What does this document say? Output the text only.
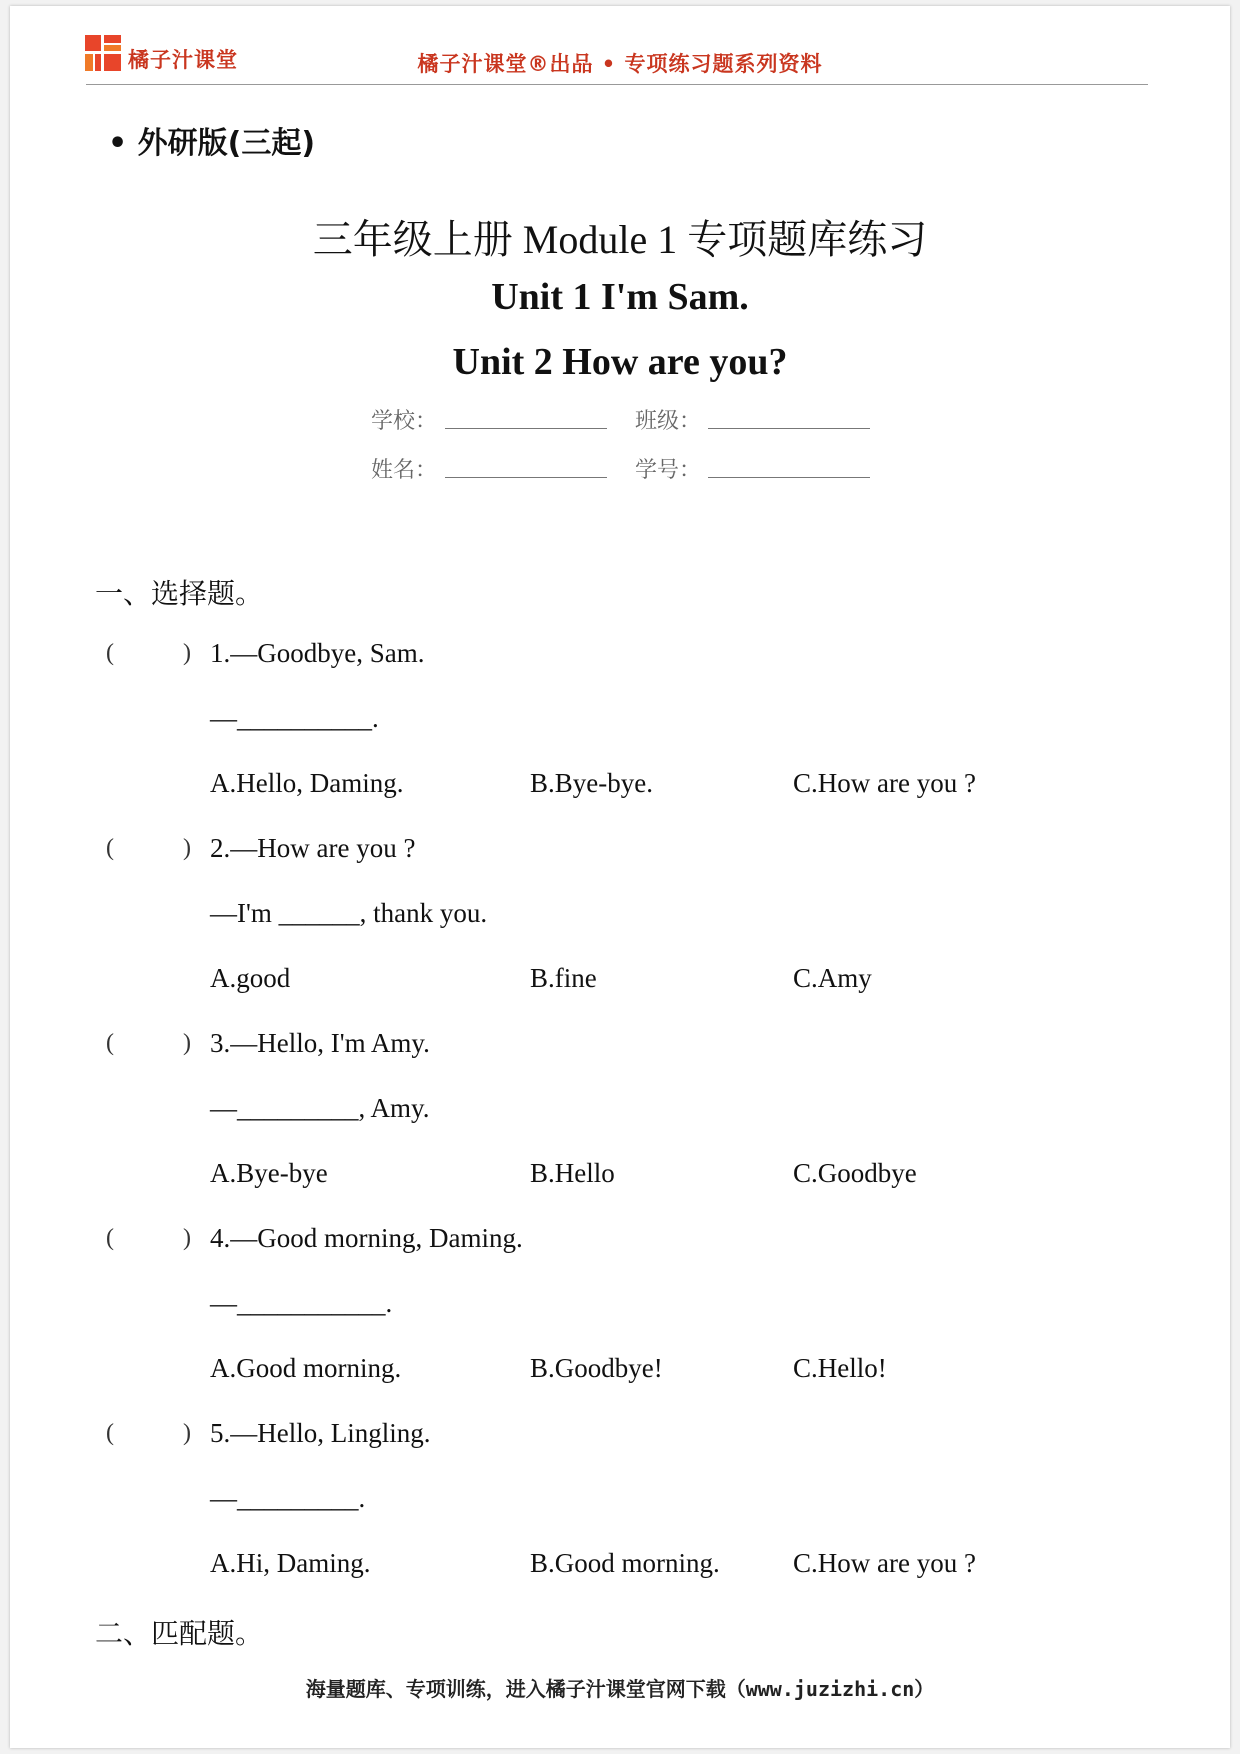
橘子汁课堂	橘子汁课堂®出品 • 专项练习题系列资料
• 外研版(三起)
三年级上册 Module 1 专项题库练习
Unit 1 I'm Sam.
Unit 2 How are you?
学校：	班级：
姓名：	学号：
一、选择题。
(	) 1.—Goodbye, Sam.
—__________.
A.Hello, Daming.	B.Bye-bye.	C.How are you ?
(	) 2.—How are you ?
—I'm ______, thank you.
A.good	B.fine	C.Amy
(	) 3.—Hello, I'm Amy.
—_________, Amy.
A.Bye-bye	B.Hello	C.Goodbye
(	) 4.—Good morning, Daming.
—___________.
A.Good morning.	B.Goodbye!	C.Hello!
(	) 5.—Hello, Lingling.
—_________.
A.Hi, Daming.	B.Good morning.	C.How are you ?
二、匹配题。
海量题库、专项训练，进入橘子汁课堂官网下载（www.juzizhi.cn）
